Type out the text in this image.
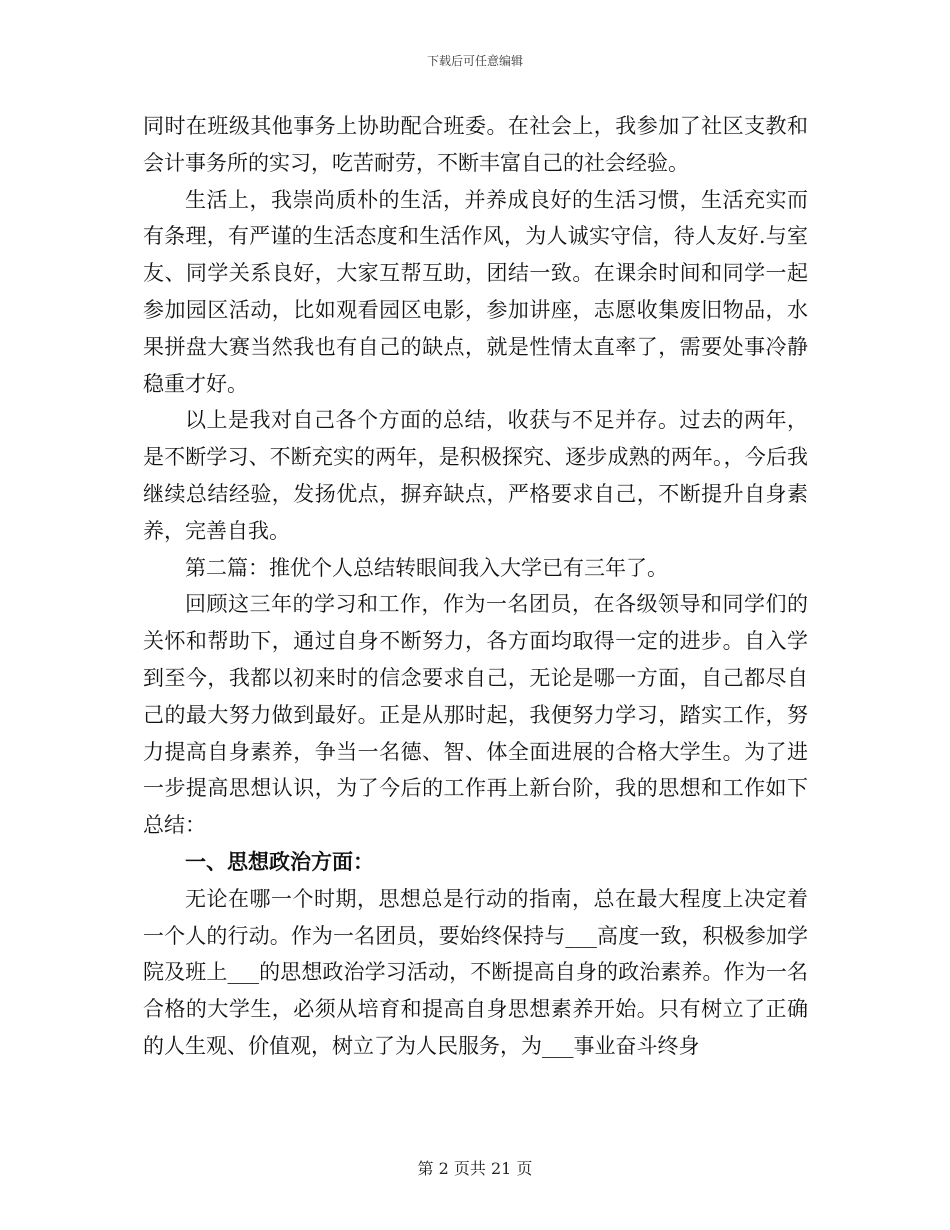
下载后可任意编辑

同时在班级其他事务上协助配合班委。在社会上，我参加了社区支教和会计事务所的实习，吃苦耐劳，不断丰富自己的社会经验。

生活上，我崇尚质朴的生活，并养成良好的生活习惯，生活充实而有条理，有严谨的生活态度和生活作风，为人诚实守信，待人友好.与室友、同学关系良好，大家互帮互助，团结一致。在课余时间和同学一起参加园区活动，比如观看园区电影，参加讲座，志愿收集废旧物品，水果拼盘大赛当然我也有自己的缺点，就是性情太直率了，需要处事冷静稳重才好。

以上是我对自己各个方面的总结，收获与不足并存。过去的两年，是不断学习、不断充实的两年，是积极探究、逐步成熟的两年。，今后我继续总结经验，发扬优点，摒弃缺点，严格要求自己，不断提升自身素养，完善自我。

第二篇：推优个人总结转眼间我入大学已有三年了。

回顾这三年的学习和工作，作为一名团员，在各级领导和同学们的关怀和帮助下，通过自身不断努力，各方面均取得一定的进步。自入学到至今，我都以初来时的信念要求自己，无论是哪一方面，自己都尽自己的最大努力做到最好。正是从那时起，我便努力学习，踏实工作，努力提高自身素养，争当一名德、智、体全面进展的合格大学生。为了进一步提高思想认识，为了今后的工作再上新台阶，我的思想和工作如下总结：

一、思想政治方面：

无论在哪一个时期，思想总是行动的指南，总在最大程度上决定着一个人的行动。作为一名团员，要始终保持与___高度一致，积极参加学院及班上___的思想政治学习活动，不断提高自身的政治素养。作为一名合格的大学生，必须从培育和提高自身思想素养开始。只有树立了正确的人生观、价值观，树立了为人民服务，为___事业奋斗终身

第 2 页共 21 页
